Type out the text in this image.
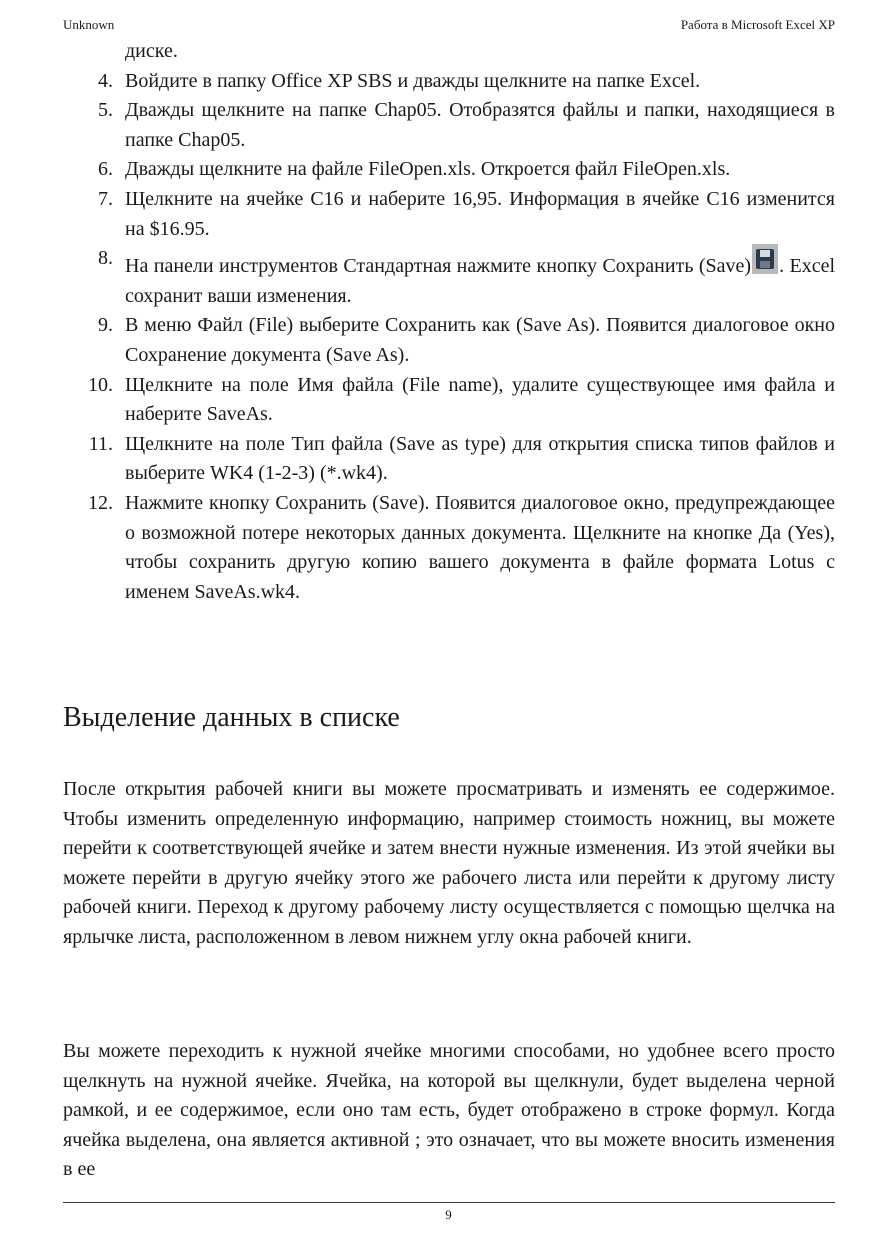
Unknown	Работа в Microsoft Excel XP
диске.
4. Войдите в папку Office XP SBS и дважды щелкните на папке Excel.
5. Дважды щелкните на папке Chap05. Отобразятся файлы и папки, находящиеся в папке Chap05.
6. Дважды щелкните на файле FileOpen.xls. Откроется файл FileOpen.xls.
7. Щелкните на ячейке C16 и наберите 16,95. Информация в ячейке C16 изменится на $16.95.
8. На панели инструментов Стандартная нажмите кнопку Сохранить (Save) . Excel сохранит ваши изменения.
9. В меню Файл (File) выберите Сохранить как (Save As). Появится диалоговое окно Сохранение документа (Save As).
10. Щелкните на поле Имя файла (File name), удалите существующее имя файла и наберите SaveAs.
11. Щелкните на поле Тип файла (Save as type) для открытия списка типов файлов и выберите WK4 (1-2-3) (*.wk4).
12. Нажмите кнопку Сохранить (Save). Появится диалоговое окно, предупреждающее о возможной потере некоторых данных документа. Щелкните на кнопке Да (Yes), чтобы сохранить другую копию вашего документа в файле формата Lotus с именем SaveAs.wk4.
Выделение данных в списке
После открытия рабочей книги вы можете просматривать и изменять ее содержимое. Чтобы изменить определенную информацию, например стоимость ножниц, вы можете перейти к соответствующей ячейке и затем внести нужные изменения. Из этой ячейки вы можете перейти в другую ячейку этого же рабочего листа или перейти к другому листу рабочей книги. Переход к другому рабочему листу осуществляется с помощью щелчка на ярлычке листа, расположенном в левом нижнем углу окна рабочей книги.
Вы можете переходить к нужной ячейке многими способами, но удобнее всего просто щелкнуть на нужной ячейке. Ячейка, на которой вы щелкнули, будет выделена черной рамкой, и ее содержимое, если оно там есть, будет отображено в строке формул. Когда ячейка выделена, она является активной ; это означает, что вы можете вносить изменения в ее
9
